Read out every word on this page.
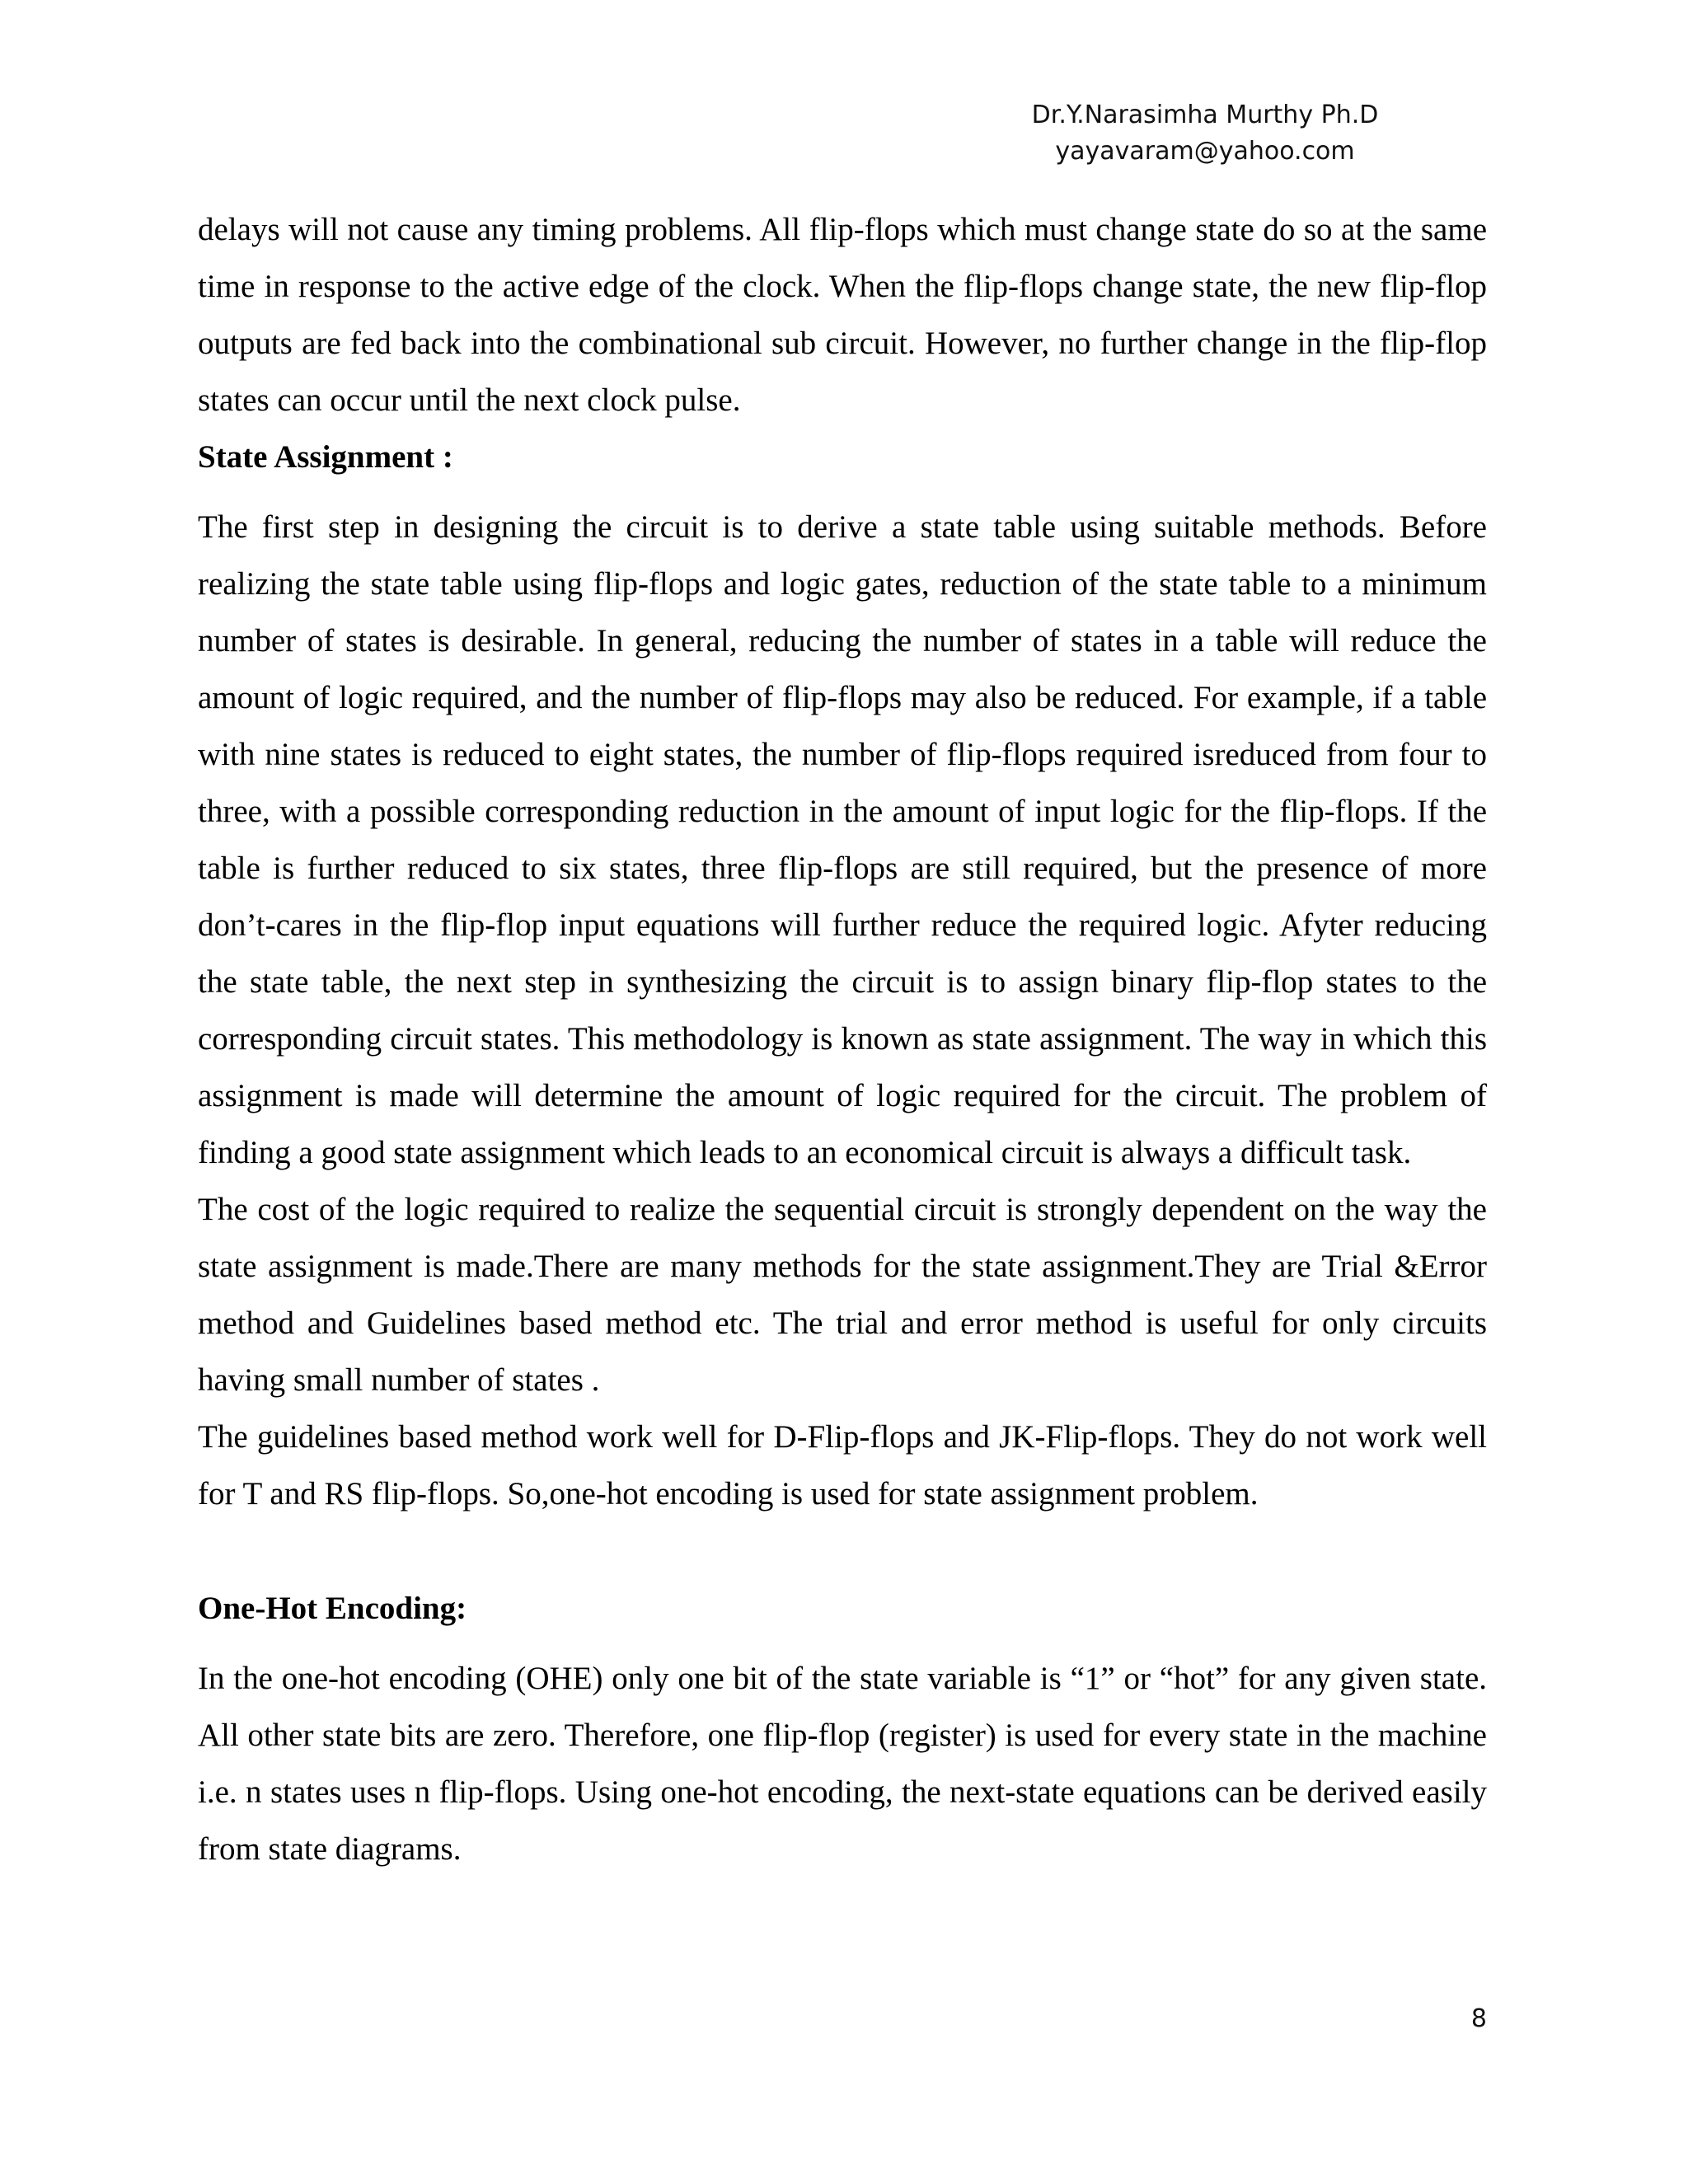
Dr.Y.Narasimha Murthy Ph.D
yayavaram@yahoo.com

delays will not cause any timing problems. All flip-flops which must change state do so at the same time in response to the active edge of the clock. When the flip-flops change state, the new flip-flop outputs are fed back into the combinational sub circuit. However, no further change in the flip-flop states can occur until the next clock pulse.

State Assignment :

The first step in designing the circuit is to derive a state table using suitable methods. Before realizing the state table using flip-flops and logic gates, reduction of the state table to a minimum number of states is desirable. In general, reducing the number of states in a table will reduce the amount of logic required, and the number of flip-flops may also be reduced. For example, if a table with nine states is reduced to eight states, the number of flip-flops required isreduced from four to three, with a possible corresponding reduction in the amount of input logic for the flip-flops. If the table is further reduced to six states, three flip-flops are still required, but the presence of more don’t-cares in the flip-flop input equations will further reduce the required logic. Afyter reducing the state table, the next step in synthesizing the circuit is to assign binary flip-flop states to the corresponding circuit states. This methodology is known as state assignment. The way in which this assignment is made will determine the amount of logic required for the circuit. The problem of finding a good state assignment which leads to an economical circuit is always a difficult task.

The cost of the logic required to realize the sequential circuit is strongly dependent on the way the state assignment is made.There are many methods for the state assignment.They are Trial &Error method and Guidelines based method etc. The trial and error method is useful for only circuits having small number of states .

The guidelines based method work well for D-Flip-flops and JK-Flip-flops. They do not work well for T and RS flip-flops. So,one-hot encoding is used for state assignment problem.

One-Hot Encoding:

In the one-hot encoding (OHE) only one bit of the state variable is “1” or “hot” for any given state. All other state bits are zero. Therefore, one flip-flop (register) is used for every state in the machine i.e. n states uses n flip-flops. Using one-hot encoding, the next-state equations can be derived easily from state diagrams.

8
